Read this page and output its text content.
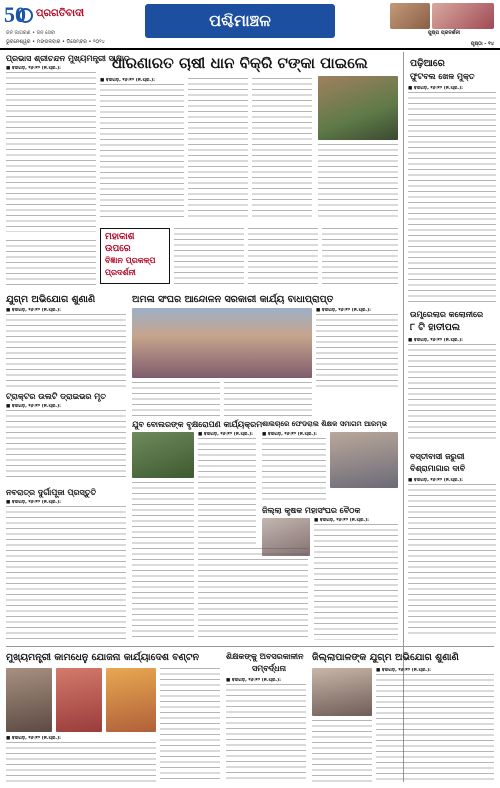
50	ପ୍ରଗତିବାଦୀ
ଜନ ଜାଗରଣ • ଜନ ସେବା
ଭୁବନେଶ୍ୱର • ମଙ୍ଗଳବାର • ଡିସେମ୍ବର • ୨୦୨୪
ପଶ୍ଚିମାଞ୍ଚଳ
ପୁଷ୍ପ ପ୍ରଦର୍ଶନୀ
ପୃଷ୍ଠା - ୧୪
ପ୍ରଭାସ ଶ୍ରୀଚନ୍ଦନ ମୁଖ୍ୟମନ୍ତ୍ରୀ ସାକ୍ଷାତ
■ ବରଗଡ଼, ୧୬।୧୨ (ନି.ପ୍ର.):	ଧାରଣାରତ ଚାଷୀ ଧାନ ବିକ୍ରି ଟଙ୍କା ପାଇଲେ
■ ବରଗଡ଼, ୧୬।୧୨ (ନି.ପ୍ର.):
ପଢ଼ିଆରେ
ଫୁଟବଲ ଖେଳ ମୁକ୍ତ
■ ବରଗଡ଼, ୧୬।୧୨ (ନି.ପ୍ର.):
ମହାକାଶ
ଉପରେ
ବିଜ୍ଞାନ ପ୍ରକଳ୍ପ
ପ୍ରଦର୍ଶନୀ
ଯୁଗ୍ମ ଅଭିଯୋଗ ଶୁଣାଣି
■ ବରଗଡ଼, ୧୬।୧୨ (ନି.ପ୍ର.):
ଅମଳା ସଂଘର ଆନ୍ଦୋଳନ ସରକାରୀ କାର୍ଯ୍ୟ ବାଧାପ୍ରାପ୍ତ
■ ବରଗଡ଼, ୧୬।୧୨ (ନି.ପ୍ର.):	ଉମ୍ବ୍ରେଲାର କଲୋନୀରେ
୮ ଟି ହାତୀପଲ
■ ବରଗଡ଼, ୧୬।୧୨ (ନି.ପ୍ର.):
ଟ୍ରାକ୍ଟର ଉଲଟି ଡ୍ରାଇଭର ମୃତ
■ ବରଗଡ଼, ୧୬।୧୨ (ନି.ପ୍ର.):
ଯୁବ ବୋଲରଙ୍କ ବୃକ୍ଷରୋପଣ କାର୍ଯ୍ୟକ୍ରମ
■ ବରଗଡ଼, ୧୬।୧୨ (ନି.ପ୍ର.):
ଶାଲଚାରେ ଫେଡରାଲ ଶିକ୍ଷକ ସମାଗମ ଆରମ୍ଭ
■ ବରଗଡ଼, ୧୬।୧୨ (ନି.ପ୍ର.):
ବସ୍ତୀବାସୀ ଜରୁରୀ
ବିଶ୍ରାମାଗାର ଦାବି
■ ବରଗଡ଼, ୧୬।୧୨ (ନି.ପ୍ର.):
ନବରାତ୍ର ଦୁର୍ଗାପୂଜା ପ୍ରସ୍ତୁତି
■ ବରଗଡ଼, ୧୬।୧୨ (ନି.ପ୍ର.):
ଜିଲ୍ଲା କୃଷକ ମହାସଂଘର ବୈଠକ
■ ବରଗଡ଼, ୧୬।୧୨ (ନି.ପ୍ର.):
ମୁଖ୍ୟମନ୍ତ୍ରୀ କାମଧେନୁ ଯୋଜନା କାର୍ଯ୍ୟାଦେଶ ବଣ୍ଟନ
■ ବରଗଡ଼, ୧୬।୧୨ (ନି.ପ୍ର.):
ଶିକ୍ଷକଙ୍କୁ ଅବସରକାଳୀନ
ସମ୍ବର୍ଦ୍ଧନା
■ ବରଗଡ଼, ୧୬।୧୨ (ନି.ପ୍ର.):
ଜିଲ୍ଲାପାଳଙ୍କ ଯୁଗ୍ମ ଅଭିଯୋଗ ଶୁଣାଣି
■ ବରଗଡ଼, ୧୬।୧୨ (ନି.ପ୍ର.):
